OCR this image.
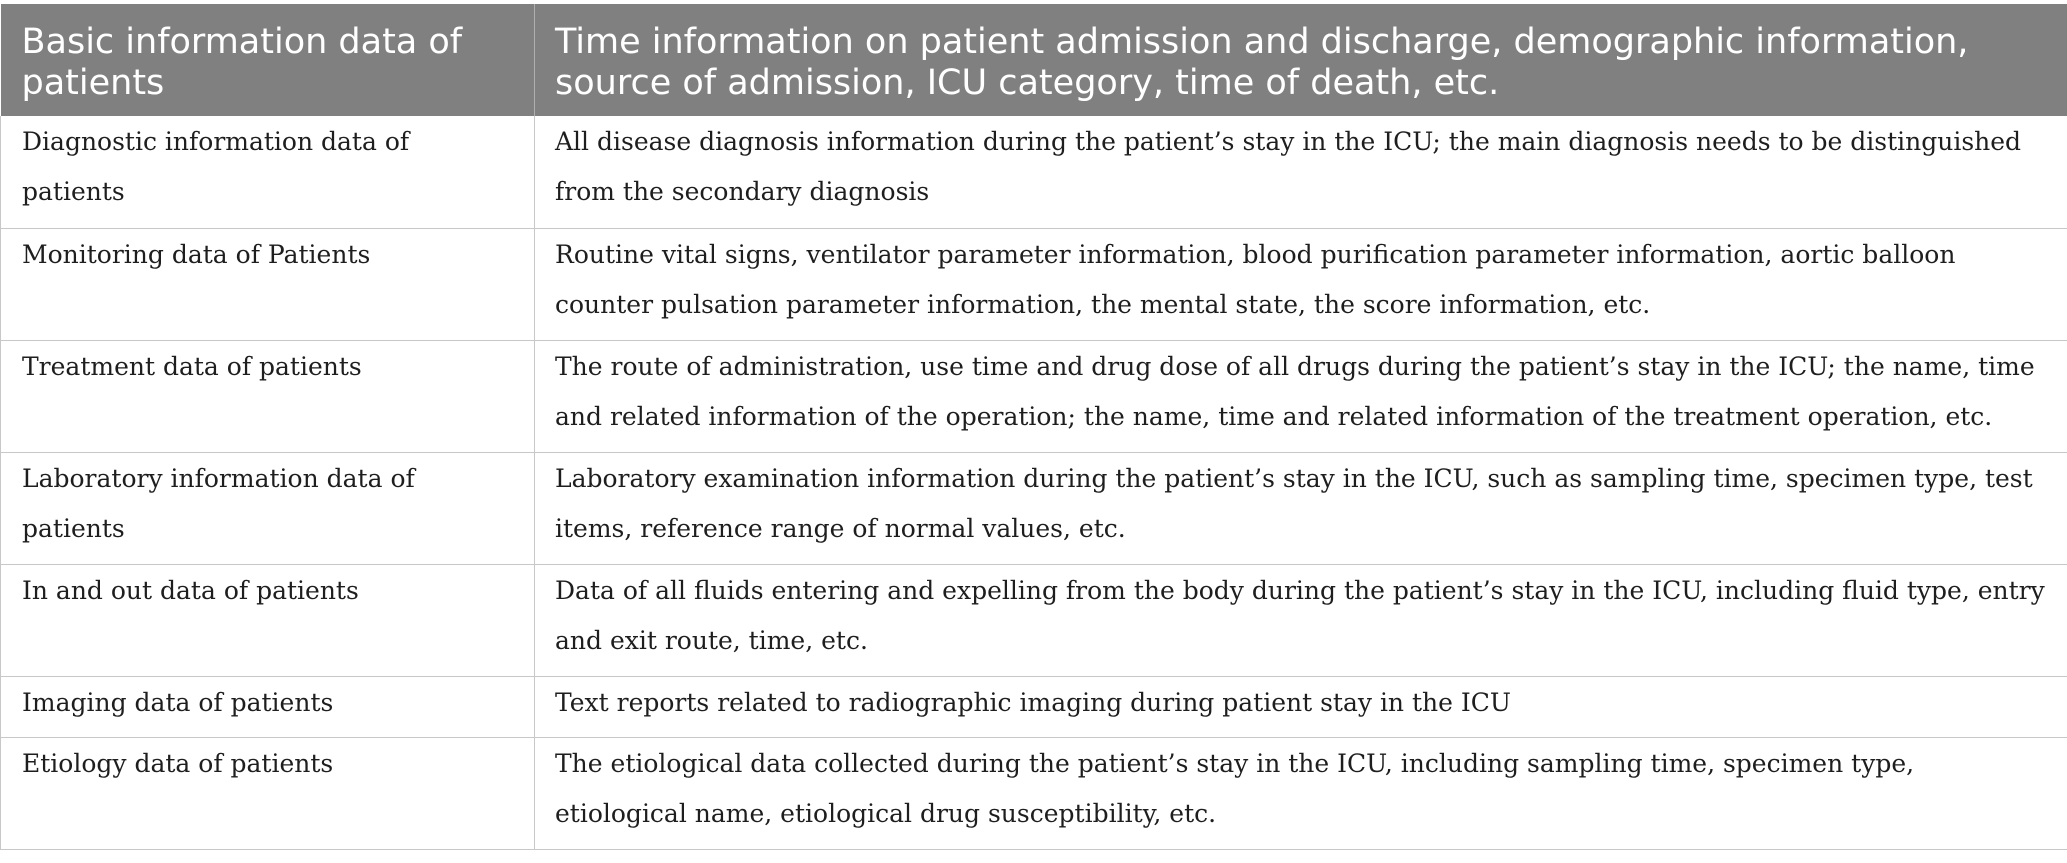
Basic information data of patients	Time information on patient admission and discharge, demographic information, source of admission, ICU category, time of death, etc.
Diagnostic information data of patients	All disease diagnosis information during the patient’s stay in the ICU; the main diagnosis needs to be distinguished from the secondary diagnosis
Monitoring data of Patients	Routine vital signs, ventilator parameter information, blood purification parameter information, aortic balloon counter pulsation parameter information, the mental state, the score information, etc.
Treatment data of patients	The route of administration, use time and drug dose of all drugs during the patient’s stay in the ICU; the name, time and related information of the operation; the name, time and related information of the treatment operation, etc.
Laboratory information data of patients	Laboratory examination information during the patient’s stay in the ICU, such as sampling time, specimen type, test items, reference range of normal values, etc.
In and out data of patients	Data of all fluids entering and expelling from the body during the patient’s stay in the ICU, including fluid type, entry and exit route, time, etc.
Imaging data of patients	Text reports related to radiographic imaging during patient stay in the ICU
Etiology data of patients	The etiological data collected during the patient’s stay in the ICU, including sampling time, specimen type, etiological name, etiological drug susceptibility, etc.
